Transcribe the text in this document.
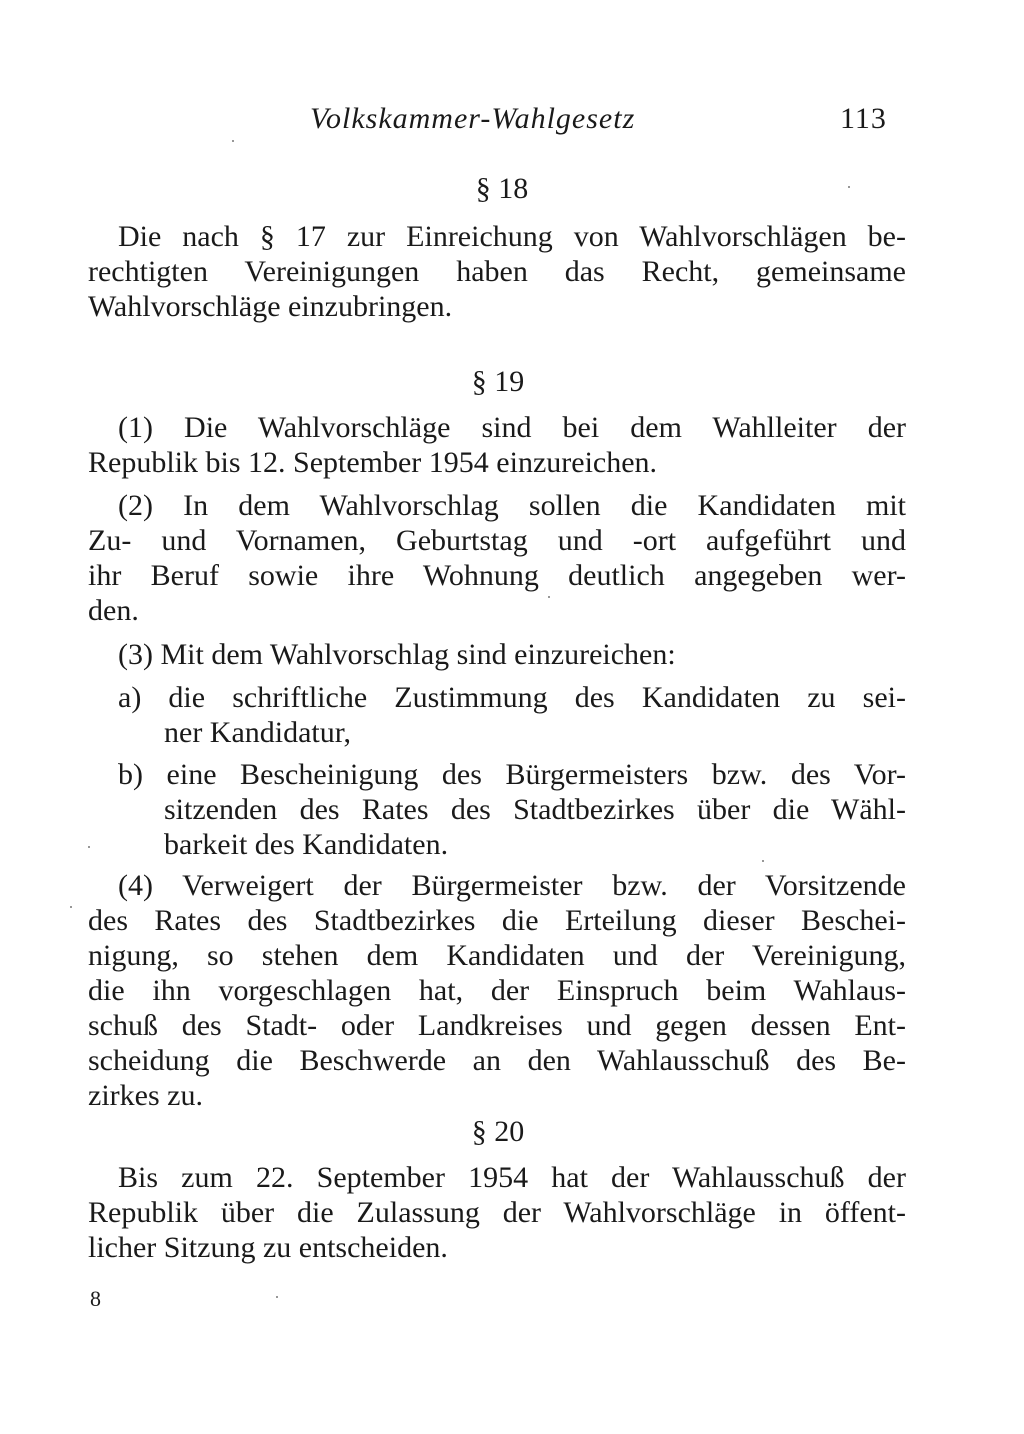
Volkskammer-Wahlgesetz	113
§ 18
Die nach § 17 zur Einreichung von Wahlvorschlägen be-
rechtigten Vereinigungen haben das Recht, gemeinsame
Wahlvorschläge einzubringen.
§ 19
(1) Die Wahlvorschläge sind bei dem Wahlleiter der
Republik bis 12. September 1954 einzureichen.
(2) In dem Wahlvorschlag sollen die Kandidaten mit
Zu- und Vornamen, Geburtstag und -ort aufgeführt und
ihr Beruf sowie ihre Wohnung deutlich angegeben wer-
den.
(3) Mit dem Wahlvorschlag sind einzureichen:
a) die schriftliche Zustimmung des Kandidaten zu sei-
ner Kandidatur,
b) eine Bescheinigung des Bürgermeisters bzw. des Vor-
sitzenden des Rates des Stadtbezirkes über die Wähl-
barkeit des Kandidaten.
(4) Verweigert der Bürgermeister bzw. der Vorsitzende
des Rates des Stadtbezirkes die Erteilung dieser Beschei-
nigung, so stehen dem Kandidaten und der Vereinigung,
die ihn vorgeschlagen hat, der Einspruch beim Wahlaus-
schuß des Stadt- oder Landkreises und gegen dessen Ent-
scheidung die Beschwerde an den Wahlausschuß des Be-
zirkes zu.
§ 20
Bis zum 22. September 1954 hat der Wahlausschuß der
Republik über die Zulassung der Wahlvorschläge in öffent-
licher Sitzung zu entscheiden.
8
